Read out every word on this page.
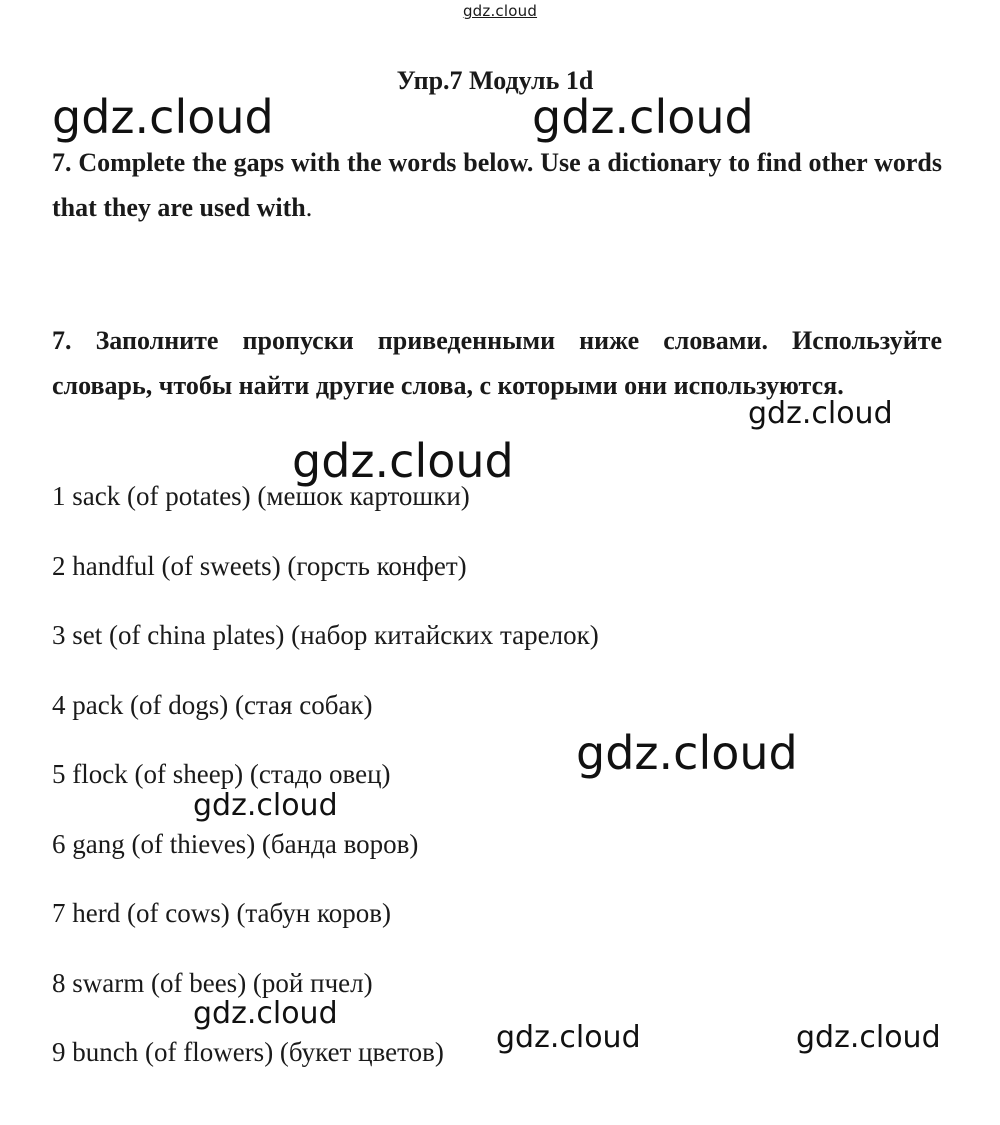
gdz.cloud
Упр.7 Модуль 1d
7. Complete the gaps with the words below. Use a dictionary to find other words that they are used with.
7. Заполните пропуски приведенными ниже словами. Используйте словарь, чтобы найти другие слова, с которыми они используются.
1 sack (of potates) (мешок картошки)
2 handful (of sweets) (горсть конфет)
3 set (of china plates) (набор китайских тарелок)
4 pack (of dogs) (стая собак)
5 flock (of sheep) (стадо овец)
6 gang (of thieves) (банда воров)
7 herd (of cows) (табун коров)
8 swarm (of bees) (рой пчел)
9 bunch (of flowers) (букет цветов)
gdz.cloud	gdz.cloud
gdz.cloud
gdz.cloud
gdz.cloud
gdz.cloud
gdz.cloud
gdz.cloud	gdz.cloud
